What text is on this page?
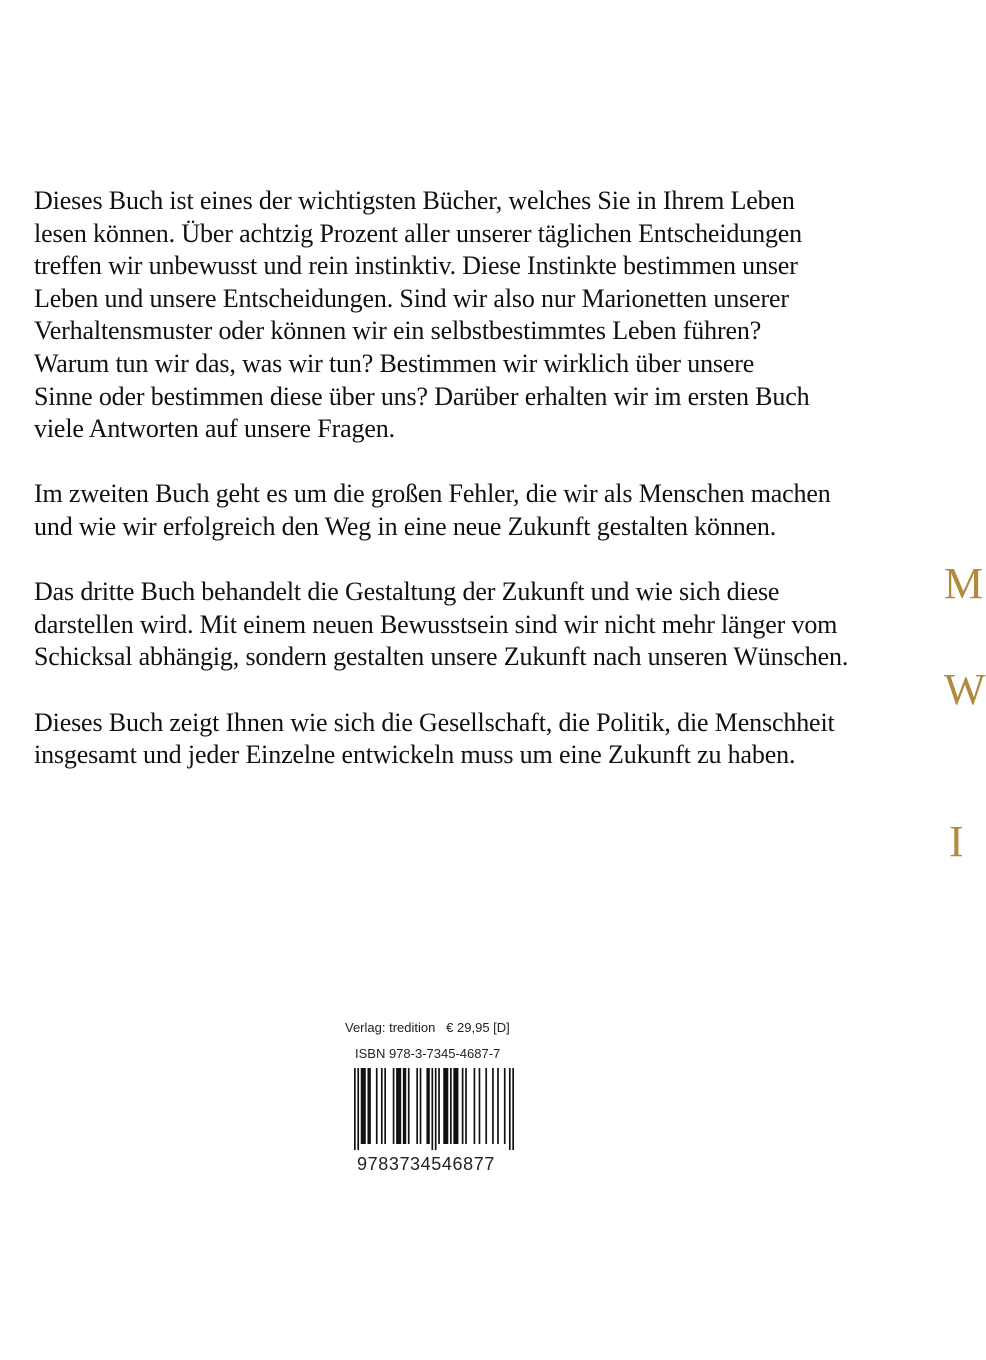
Dieses Buch ist eines der wichtigsten Bücher, welches Sie in Ihrem Leben
lesen können. Über achtzig Prozent aller unserer täglichen Entscheidungen
treffen wir unbewusst und rein instinktiv. Diese Instinkte bestimmen unser
Leben und unsere Entscheidungen. Sind wir also nur Marionetten unserer
Verhaltensmuster oder können wir ein selbstbestimmtes Leben führen?
Warum tun wir das, was wir tun? Bestimmen wir wirklich über unsere
Sinne oder bestimmen diese über uns? Darüber erhalten wir im ersten Buch
viele Antworten auf unsere Fragen.

Im zweiten Buch geht es um die großen Fehler, die wir als Menschen machen
und wie wir erfolgreich den Weg in eine neue Zukunft gestalten können.

Das dritte Buch behandelt die Gestaltung der Zukunft und wie sich diese
darstellen wird. Mit einem neuen Bewusstsein sind wir nicht mehr länger vom
Schicksal abhängig, sondern gestalten unsere Zukunft nach unseren Wünschen.

Dieses Buch zeigt Ihnen wie sich die Gesellschaft, die Politik, die Menschheit
insgesamt und jeder Einzelne entwickeln muss um eine Zukunft zu haben.

M
W
I
Verlag: tredition   € 29,95 [D]
ISBN 978-3-7345-4687-7
9783734546877
